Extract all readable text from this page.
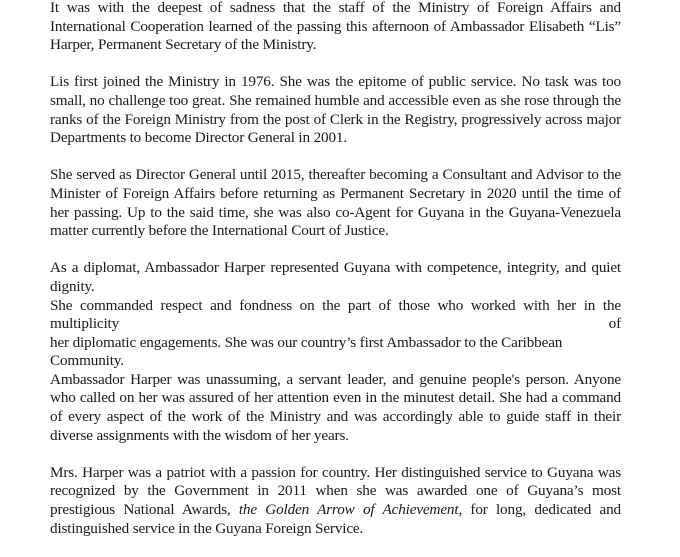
It was with the deepest of sadness that the staff of the Ministry of Foreign Affairs and International Cooperation learned of the passing this afternoon of Ambassador Elisabeth “Lis” Harper, Permanent Secretary of the Ministry.

Lis first joined the Ministry in 1976. She was the epitome of public service. No task was too small, no challenge too great. She remained humble and accessible even as she rose through the ranks of the Foreign Ministry from the post of Clerk in the Registry, progressively across major Departments to become Director General in 2001.

She served as Director General until 2015, thereafter becoming a Consultant and Advisor to the Minister of Foreign Affairs before returning as Permanent Secretary in 2020 until the time of her passing. Up to the said time, she was also co-Agent for Guyana in the Guyana-Venezuela matter currently before the International Court of Justice.

As a diplomat, Ambassador Harper represented Guyana with competence, integrity, and quiet dignity.
She commanded respect and fondness on the part of those who worked with her in the multiplicity of
her diplomatic engagements. She was our country’s first Ambassador to the Caribbean Community.
Ambassador Harper was unassuming, a servant leader, and genuine people's person. Anyone who called on her was assured of her attention even in the minutest detail. She had a command of every aspect of the work of the Ministry and was accordingly able to guide staff in their diverse assignments with the wisdom of her years.

Mrs. Harper was a patriot with a passion for country. Her distinguished service to Guyana was recognized by the Government in 2011 when she was awarded one of Guyana’s most prestigious National Awards, the Golden Arrow of Achievement, for long, dedicated and distinguished service in the Guyana Foreign Service.
